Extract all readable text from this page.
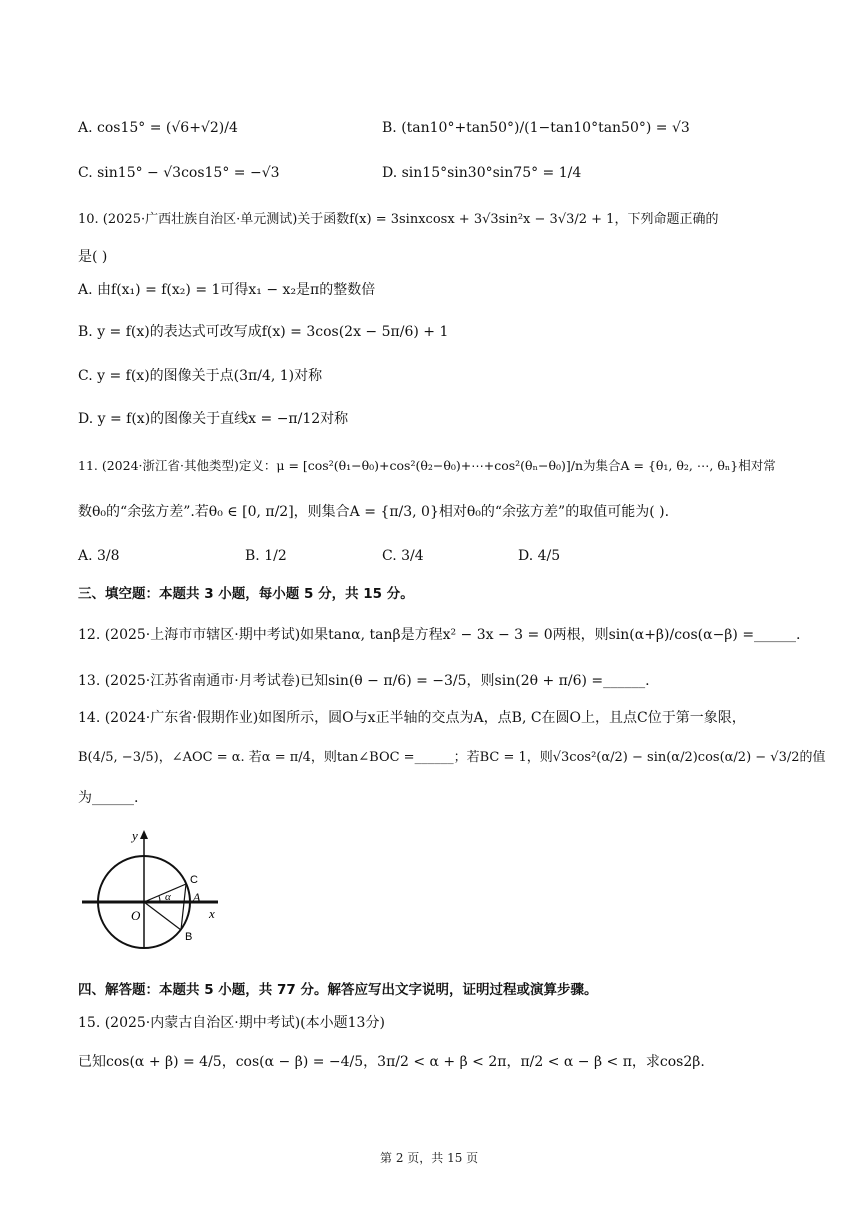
A. cos15° = (√6+√2)/4	B. (tan10°+tan50°)/(1−tan10°tan50°) = √3
C. sin15° − √3cos15° = −√3	D. sin15°sin30°sin75° = 1/4
10. (2025·广西壮族自治区·单元测试)关于函数f(x) = 3sinxcosx + 3√3sin²x − 3√3/2 + 1，下列命题正确的
是( )
A. 由f(x₁) = f(x₂) = 1可得x₁ − x₂是π的整数倍
B. y = f(x)的表达式可改写成f(x) = 3cos(2x − 5π/6) + 1
C. y = f(x)的图像关于点(3π/4, 1)对称
D. y = f(x)的图像关于直线x = −π/12对称
11. (2024·浙江省·其他类型)定义：μ = [cos²(θ₁−θ₀)+cos²(θ₂−θ₀)+⋯+cos²(θₙ−θ₀)]/n为集合A = {θ₁, θ₂, ⋯, θₙ}相对常
数θ₀的“余弦方差”.若θ₀ ∈ [0, π/2]，则集合A = {π/3, 0}相对θ₀的“余弦方差”的取值可能为( ).
A. 3/8	B. 1/2	C. 3/4	D. 4/5
三、填空题：本题共 3 小题，每小题 5 分，共 15 分。
12. (2025·上海市市辖区·期中考试)如果tanα, tanβ是方程x² − 3x − 3 = 0两根，则sin(α+β)/cos(α−β) =______.
13. (2025·江苏省南通市·月考试卷)已知sin(θ − π/6) = −3/5，则sin(2θ + π/6) =______.
14. (2024·广东省·假期作业)如图所示，圆O与x正半轴的交点为A，点B, C在圆O上，且点C位于第一象限，
B(4/5, −3/5)，∠AOC = α. 若α = π/4，则tan∠BOC =______；若BC = 1，则√3cos²(α/2) − sin(α/2)cos(α/2) − √3/2的值
为______.
y
x
O
α A
C
B
四、解答题：本题共 5 小题，共 77 分。解答应写出文字说明，证明过程或演算步骤。
15. (2025·内蒙古自治区·期中考试)(本小题13分)
已知cos(α + β) = 4/5，cos(α − β) = −4/5，3π/2 < α + β < 2π，π/2 < α − β < π，求cos2β.
第 2 页，共 15 页
